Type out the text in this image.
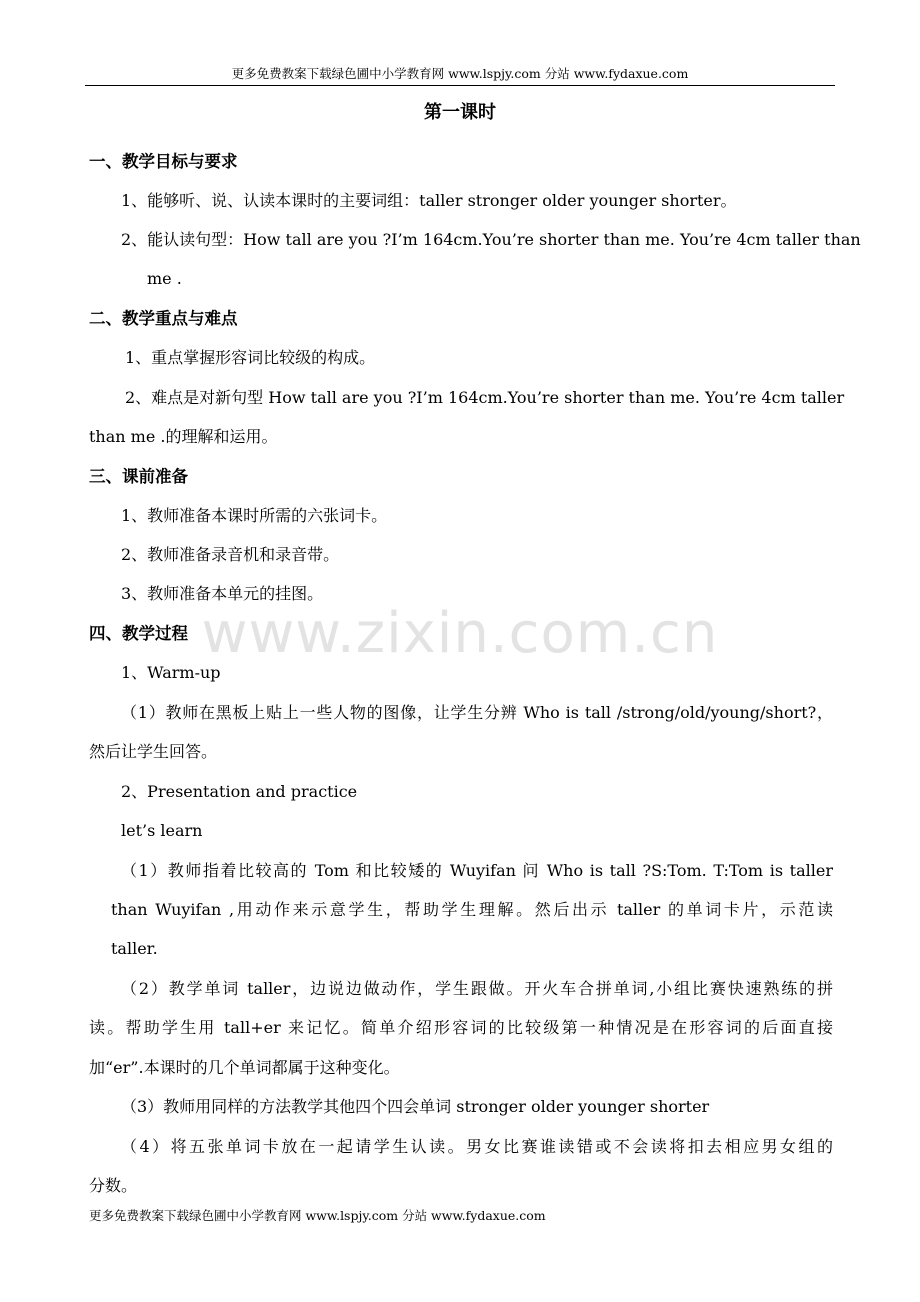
更多免费教案下载绿色圃中小学教育网 www.lspjy.com 分站 www.fydaxue.com
第一课时
www.zixin.com.cn
一、教学目标与要求
1、能够听、说、认读本课时的主要词组：taller stronger older younger shorter。
2、能认读句型：How tall are you ?I’m 164cm.You’re shorter than me. You’re 4cm taller than
me .
二、教学重点与难点
1、重点掌握形容词比较级的构成。
2、难点是对新句型 How tall are you ?I’m 164cm.You’re shorter than me. You’re 4cm taller
than me .的理解和运用。
三、课前准备
1、教师准备本课时所需的六张词卡。
2、教师准备录音机和录音带。
3、教师准备本单元的挂图。
四、教学过程
1、Warm-up
（1）教师在黑板上贴上一些人物的图像，让学生分辨 Who is tall /strong/old/young/short?，
然后让学生回答。
2、Presentation and practice
let’s learn
（1）教师指着比较高的 Tom 和比较矮的 Wuyifan 问 Who is tall ?S:Tom. T:Tom is taller
than Wuyifan ,用动作来示意学生，帮助学生理解。然后出示 taller 的单词卡片，示范读
taller.
（2）教学单词 taller，边说边做动作，学生跟做。开火车合拼单词,小组比赛快速熟练的拼
读。帮助学生用 tall+er 来记忆。简单介绍形容词的比较级第一种情况是在形容词的后面直接
加“er”.本课时的几个单词都属于这种变化。
（3）教师用同样的方法教学其他四个四会单词 stronger older younger shorter
（4）将五张单词卡放在一起请学生认读。男女比赛谁读错或不会读将扣去相应男女组的
分数。
更多免费教案下载绿色圃中小学教育网 www.lspjy.com 分站 www.fydaxue.com
